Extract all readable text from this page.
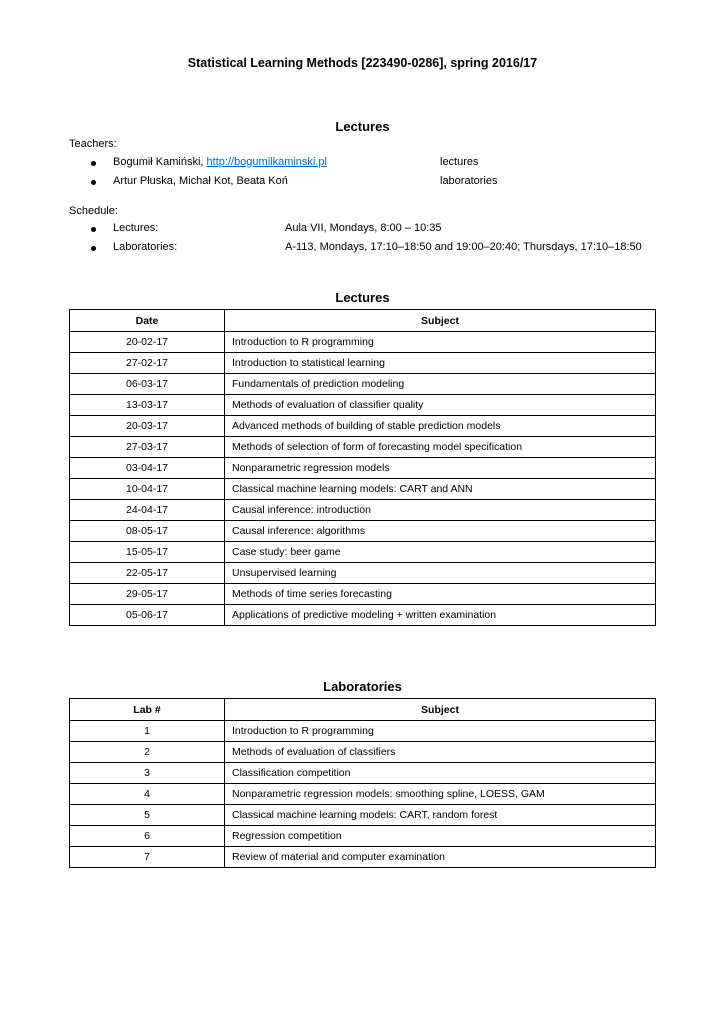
Statistical Learning Methods [223490-0286], spring 2016/17
Lectures
Teachers:
Bogumił Kamiński, http://bogumilkaminski.pl	lectures
Artur Płuska, Michał Kot, Beata Koń	laboratories
Schedule:
Lectures:	Aula VII, Mondays, 8:00 – 10:35
Laboratories:	A-113, Mondays, 17:10–18:50 and 19:00–20:40; Thursdays, 17:10–18:50
Lectures
Date	Subject
20-02-17	Introduction to R programming
27-02-17	Introduction to statistical learning
06-03-17	Fundamentals of prediction modeling
13-03-17	Methods of evaluation of classifier quality
20-03-17	Advanced methods of building of stable prediction models
27-03-17	Methods of selection of form of forecasting model specification
03-04-17	Nonparametric regression models
10-04-17	Classical machine learning models: CART and ANN
24-04-17	Causal inference: introduction
08-05-17	Causal inference: algorithms
15-05-17	Case study: beer game
22-05-17	Unsupervised learning
29-05-17	Methods of time series forecasting
05-06-17	Applications of predictive modeling + written examination
Laboratories
Lab #	Subject
1	Introduction to R programming
2	Methods of evaluation of classifiers
3	Classification competition
4	Nonparametric regression models: smoothing spline, LOESS, GAM
5	Classical machine learning models: CART, random forest
6	Regression competition
7	Review of material and computer examination
